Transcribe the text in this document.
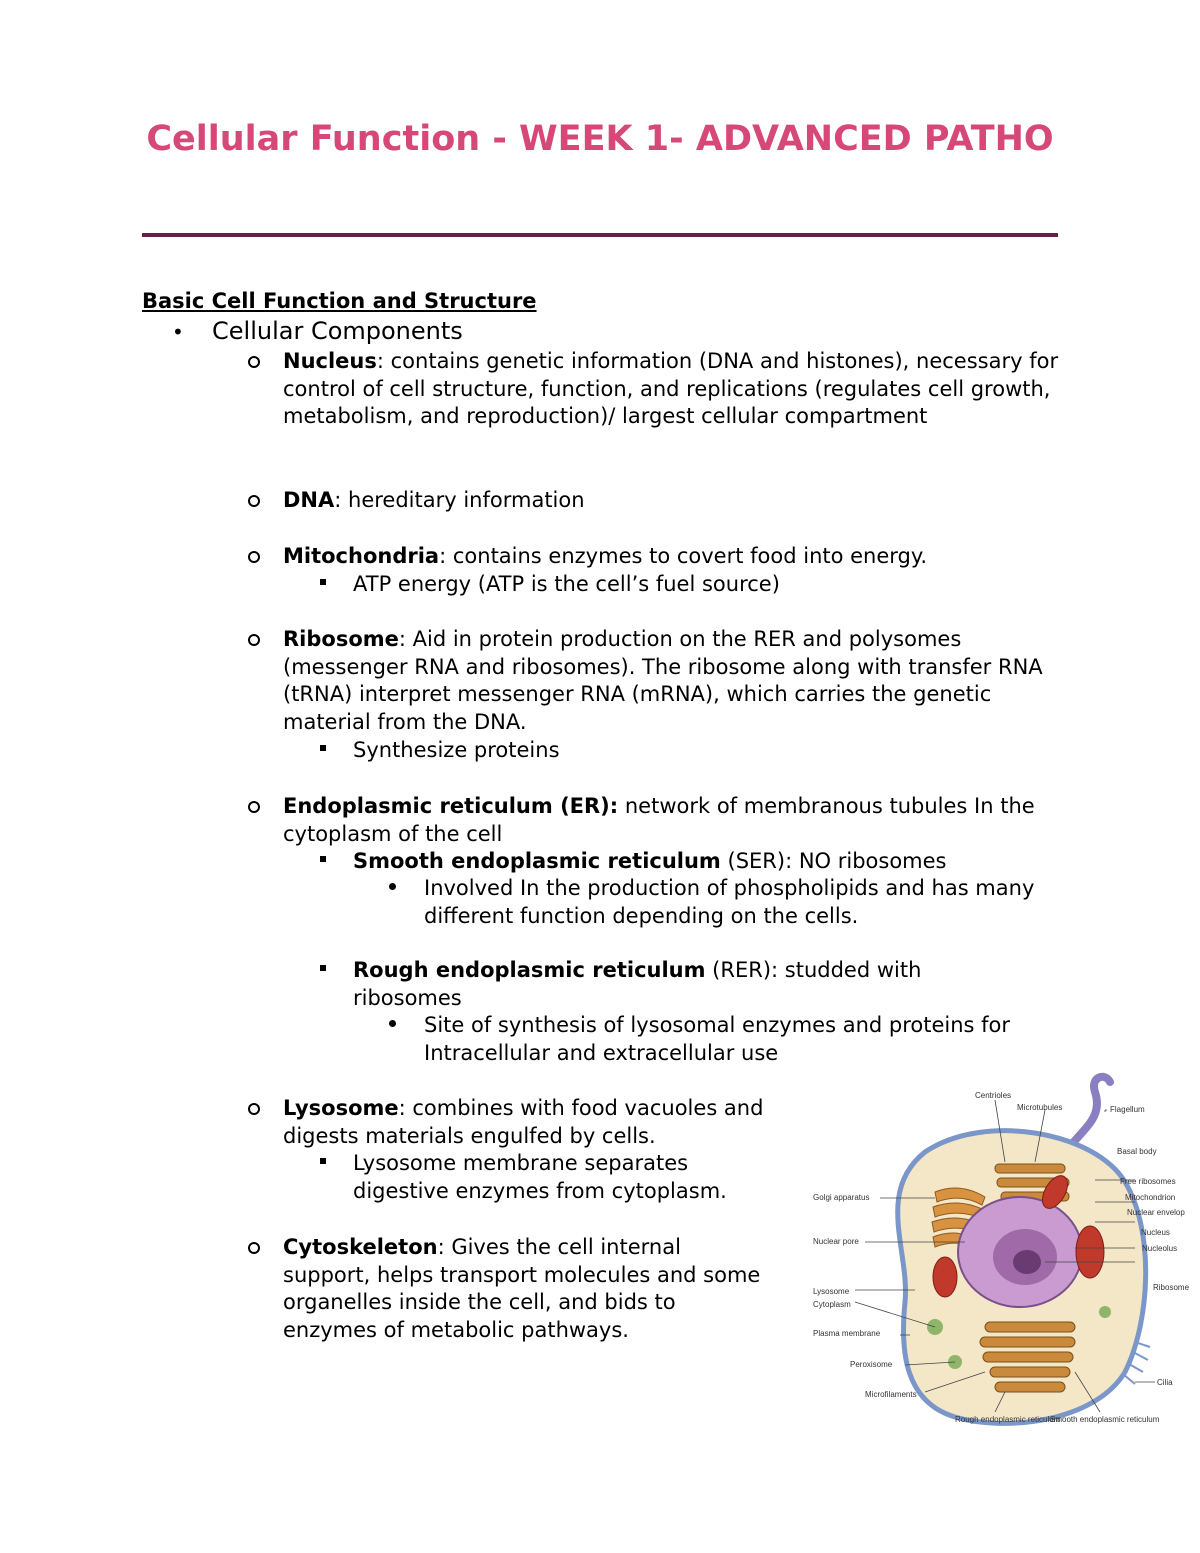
Cellular Function - WEEK 1- ADVANCED PATHO
Basic Cell Function and Structure
• Cellular Components
Nucleus: contains genetic information (DNA and histones), necessary for control of cell structure, function, and replications (regulates cell growth, metabolism, and reproduction)/ largest cellular compartment
DNA: hereditary information
Mitochondria: contains enzymes to covert food into energy.
ATP energy (ATP is the cell’s fuel source)
Ribosome: Aid in protein production on the RER and polysomes (messenger RNA and ribosomes). The ribosome along with transfer RNA (tRNA) interpret messenger RNA (mRNA), which carries the genetic material from the DNA.
Synthesize proteins
Endoplasmic reticulum (ER): network of membranous tubules In the cytoplasm of the cell
Smooth endoplasmic reticulum (SER): NO ribosomes
Involved In the production of phospholipids and has many different function depending on the cells.
Rough endoplasmic reticulum (RER): studded with ribosomes
Site of synthesis of lysosomal enzymes and proteins for Intracellular and extracellular use
Lysosome: combines with food vacuoles and digests materials engulfed by cells.
Lysosome membrane separates digestive enzymes from cytoplasm.
Cytoskeleton: Gives the cell internal support, helps transport molecules and some organelles inside the cell, and bids to enzymes of metabolic pathways.
Centrioles
Microtubules	Flagellum
Basal body
Free ribosomes
Mitochondrion
Nuclear envelop
Nucleus
Nucleolus
Golgi apparatus
Nuclear pore
Ribosome
Lysosome
Cytoplasm
Plasma membrane
Peroxisome
Microfilaments
Cilia
Rough endoplasmic reticulum
Smooth endoplasmic reticulum
